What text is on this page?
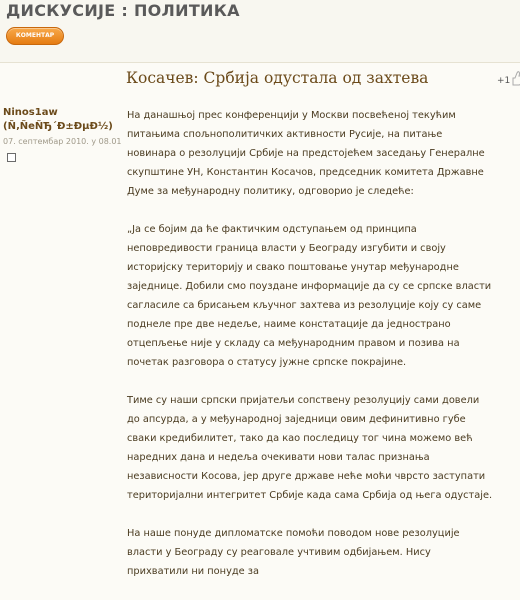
ДИСКУСИЈЕ : ПОЛИТИКА
КОМЕНТАР
Косачев: Србија одустала од захтева	+1
Ninos1aw
(Ñ‚ÑеÑЂ´Ð±ÐµÐ½)
07. септембар 2010. у 08.01

На данашњој прес конференцији у Москви посвећеној текућим питањима спољнополитичких активности Русије, на питање новинара о резолуцији Србије на предстојећем заседању Генералне скупштине УН, Константин Косачов, председник комитета Државне Думе за међународну политику, одговорио је следеће:

„Ја се бојим да ће фактичким одступањем од принципа неповредивости граница власти у Београду изгубити и своју историјску територију и свако поштовање унутар међународне заједнице. Добили смо поуздане информације да су се српске власти сагласиле са брисањем кључног захтева из резолуције коју су саме поднеле пре две недеље, наиме констатације да једнострано отцепљење није у складу са међународним правом и позива на почетак разговора о статусу јужне српске покрајине.

Тиме су наши српски пријатељи сопствену резолуцију сами довели до апсурда, а у међународној заједници овим дефинитивно губе сваки кредибилитет, тако да као последицу тог чина можемо већ наредних дана и недеља очекивати нови талас признања независности Косова, јер друге државе неће моћи чврсто заступати територијални интегритет Србије када сама Србија од њега одустаје.

На наше понуде дипломатске помоћи поводом нове резолуције власти у Београду су реаговале учтивим одбијањем. Нису прихватили ни понуде за
